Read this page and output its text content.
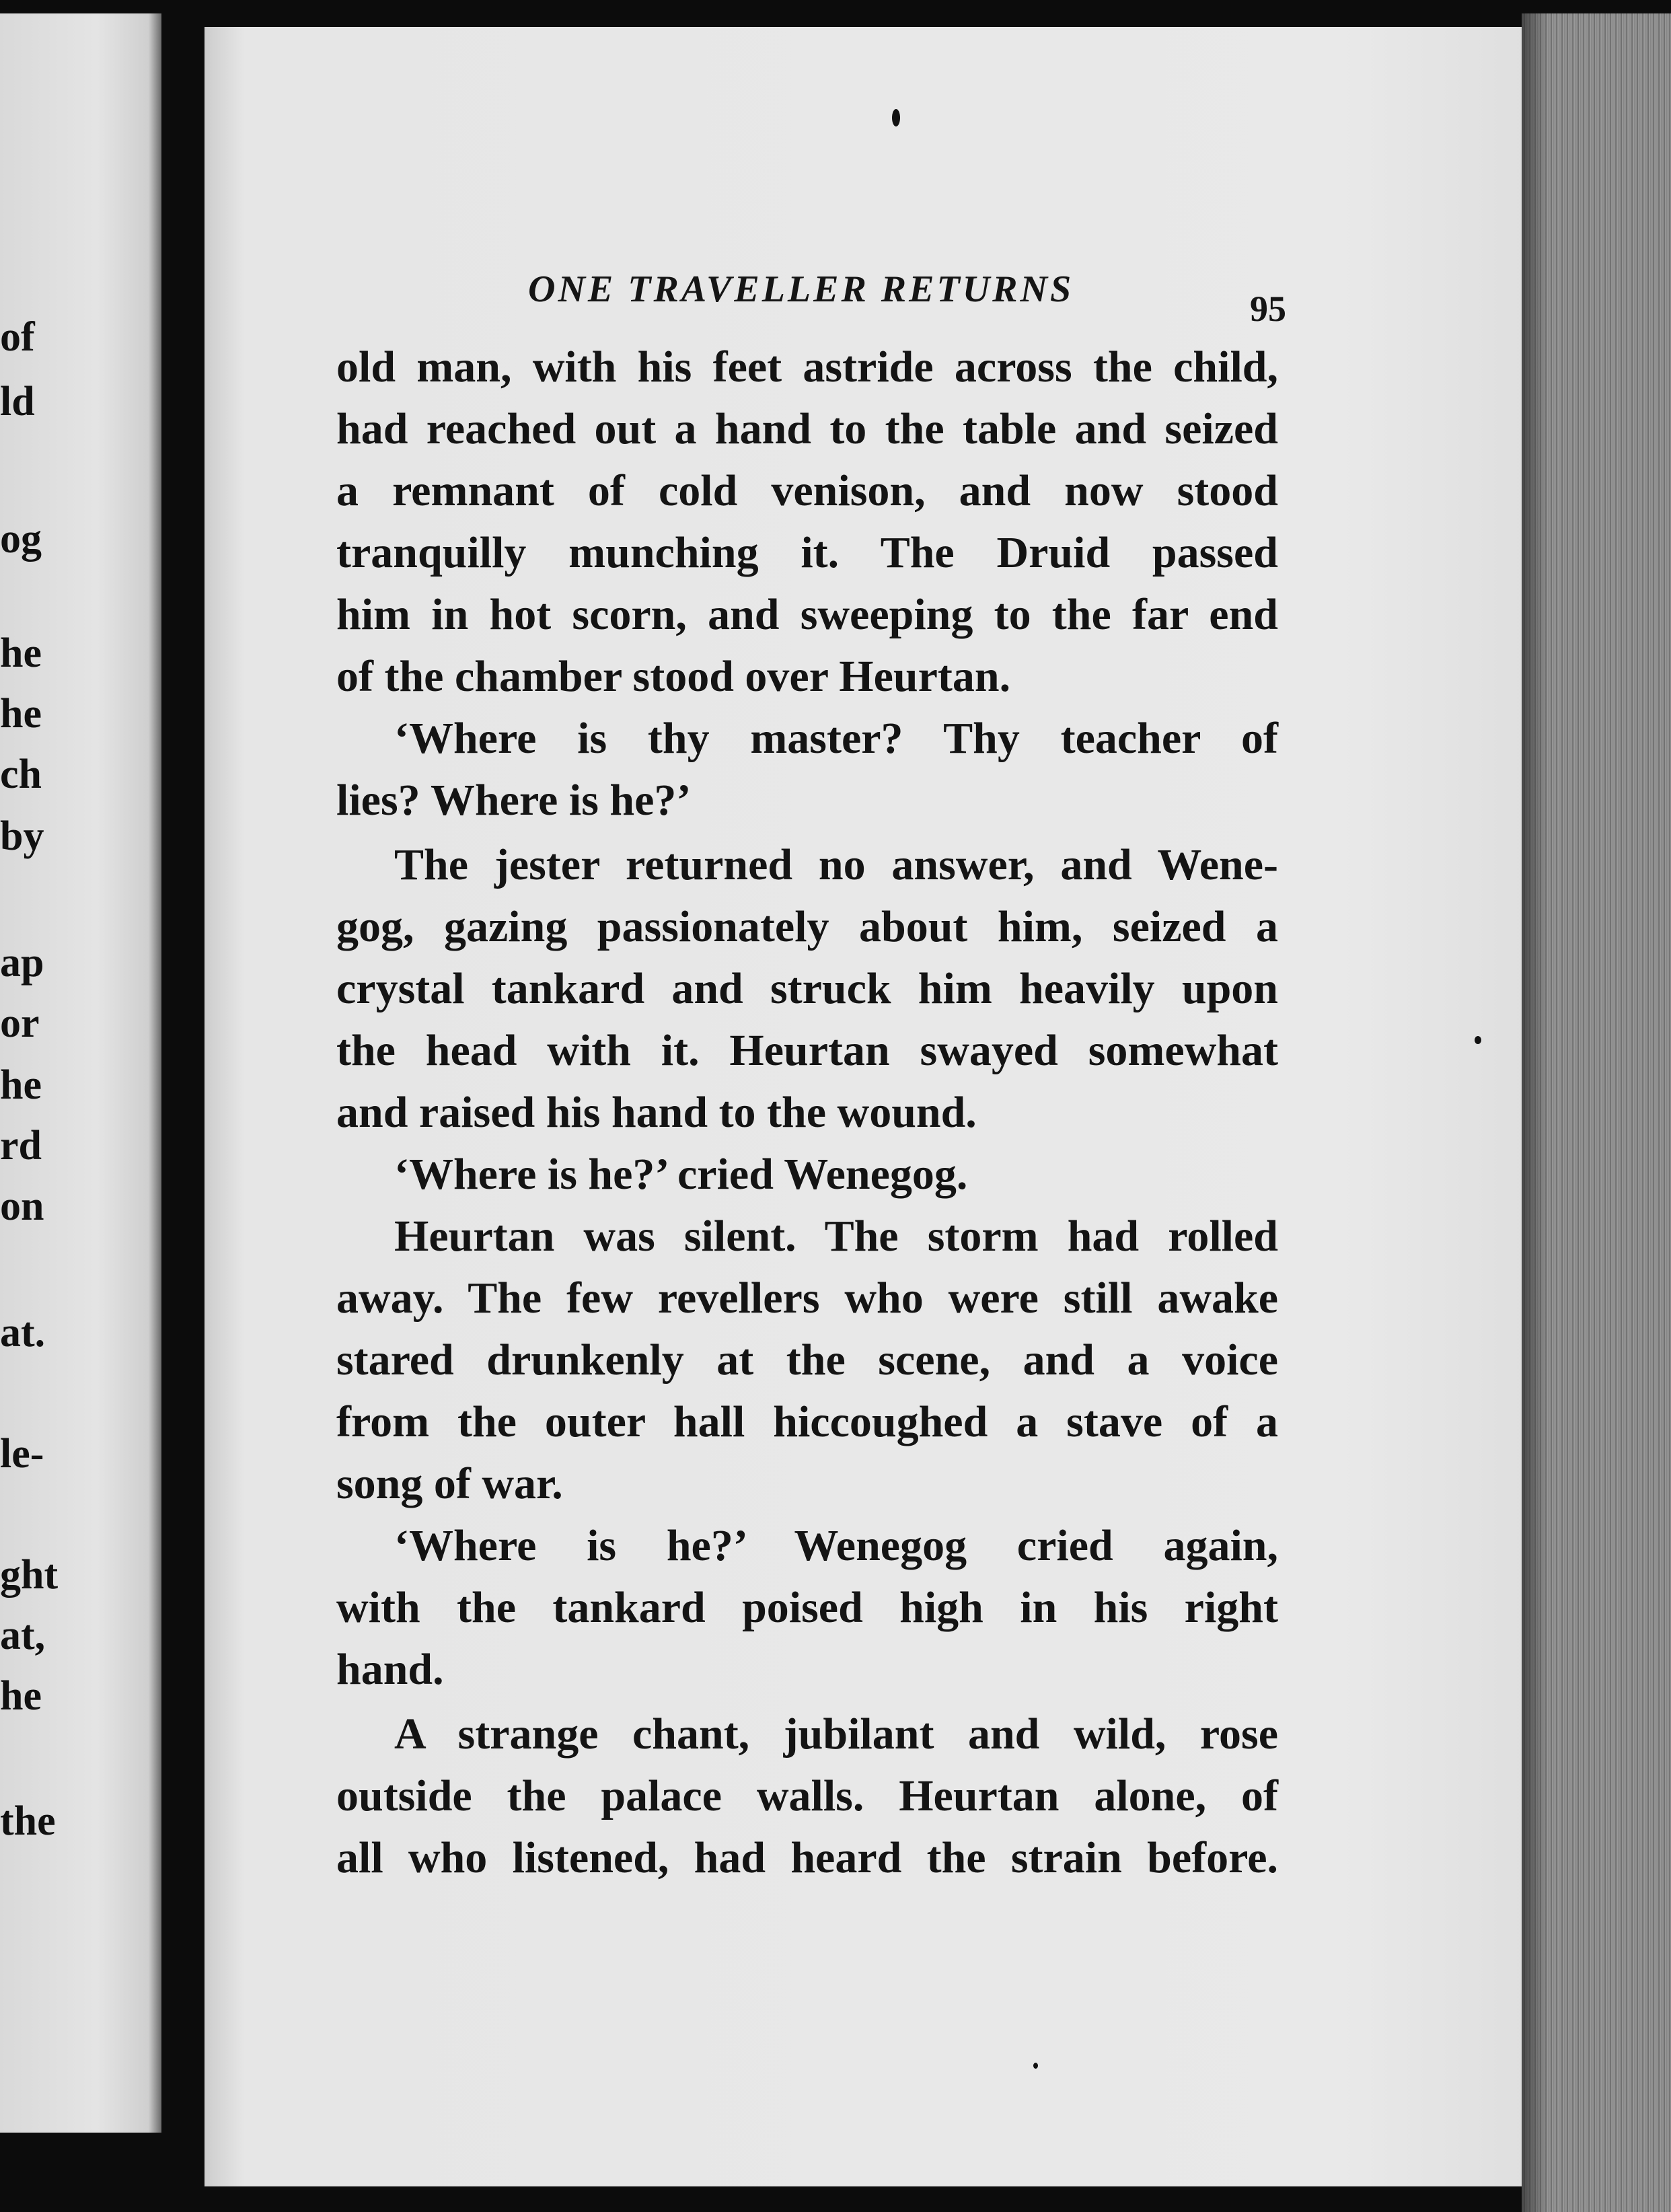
of

ld

og

he

he

ch

by

ap

or

he

rd

on

at.

le-

ght

at,

he

the

ONE TRAVELLER RETURNS	95

old man, with his feet astride across the child,
had reached out a hand to the table and seized
a remnant of cold venison, and now stood
tranquilly munching it. The Druid passed
him in hot scorn, and sweeping to the far end
of the chamber stood over Heurtan.
‘Where is thy master? Thy teacher of
lies? Where is he?’
The jester returned no answer, and Wene-
gog, gazing passionately about him, seized a
crystal tankard and struck him heavily upon
the head with it. Heurtan swayed somewhat
and raised his hand to the wound.
‘Where is he?’ cried Wenegog.
Heurtan was silent. The storm had rolled
away. The few revellers who were still awake
stared drunkenly at the scene, and a voice
from the outer hall hiccoughed a stave of a
song of war.
‘Where is he?’ Wenegog cried again,
with the tankard poised high in his right
hand.
A strange chant, jubilant and wild, rose
outside the palace walls. Heurtan alone, of
all who listened, had heard the strain before.
